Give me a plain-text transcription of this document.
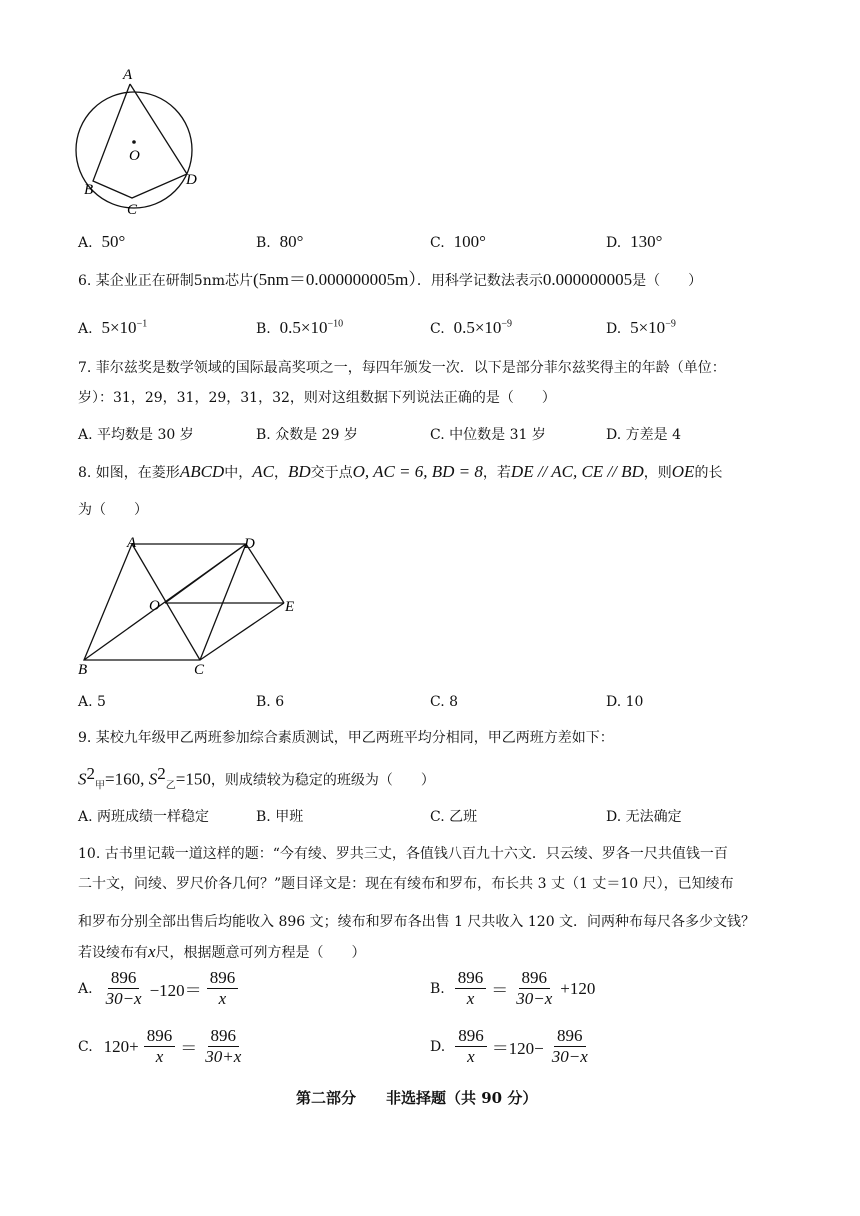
A
O
B
C
D
A. 50°	B. 80°	C. 100°	D. 130°
6. 某企业正在研制5nm芯片(5nm＝0.000000005m）．用科学记数法表示0.000000005是（　　）
A. $5\times 10^{-1}$	B. $0.5\times 10^{-10}$	C. $0.5\times 10^{-9}$	D. $5\times 10^{-9}$
7. 菲尔兹奖是数学领域的国际最高奖项之一，每四年颁发一次．以下是部分菲尔兹奖得主的年龄（单位：
岁）：31，29，31，29，31，32，则对这组数据下列说法正确的是（　　）
A. 平均数是 30 岁	B. 众数是 29 岁	C. 中位数是 31 岁	D. 方差是 4
8. 如图，在菱形ABCD中，AC，BD交于点O, AC = 6, BD = 8，若DE // AC, CE // BD，则OE的长
为（　　）
A	D
O	E
B	C
A. 5	B. 6	C. 8	D. 10
9. 某校九年级甲乙两班参加综合素质测试，甲乙两班平均分相同，甲乙两班方差如下：
$S^2_甲=160$, $S^2_乙=150$，则成绩较为稳定的班级为（　　）
A. 两班成绩一样稳定	B. 甲班	C. 乙班	D. 无法确定
10. 古书里记载一道这样的题：“今有绫、罗共三丈，各值钱八百九十六文．只云绫、罗各一尺共值钱一百
二十文，问绫、罗尺价各几何？”题目译文是：现在有绫布和罗布，布长共 3 丈（1 丈＝10 尺），已知绫布
和罗布分别全部出售后均能收入 896 文；绫布和罗布各出售 1 尺共收入 120 文．问两种布每尺各多少文钱？
若设绫布有x尺，根据题意可列方程是（　　）
A. $\frac{896}{30-x} -120= \frac{896}{x}$	B. $\frac{896}{x} = \frac{896}{30-x} +120$
C. $120+ \frac{896}{x} = \frac{896}{30+x}$	D. $\frac{896}{x} =120- \frac{896}{30-x}$
第二部分　　非选择题（共 90 分）
